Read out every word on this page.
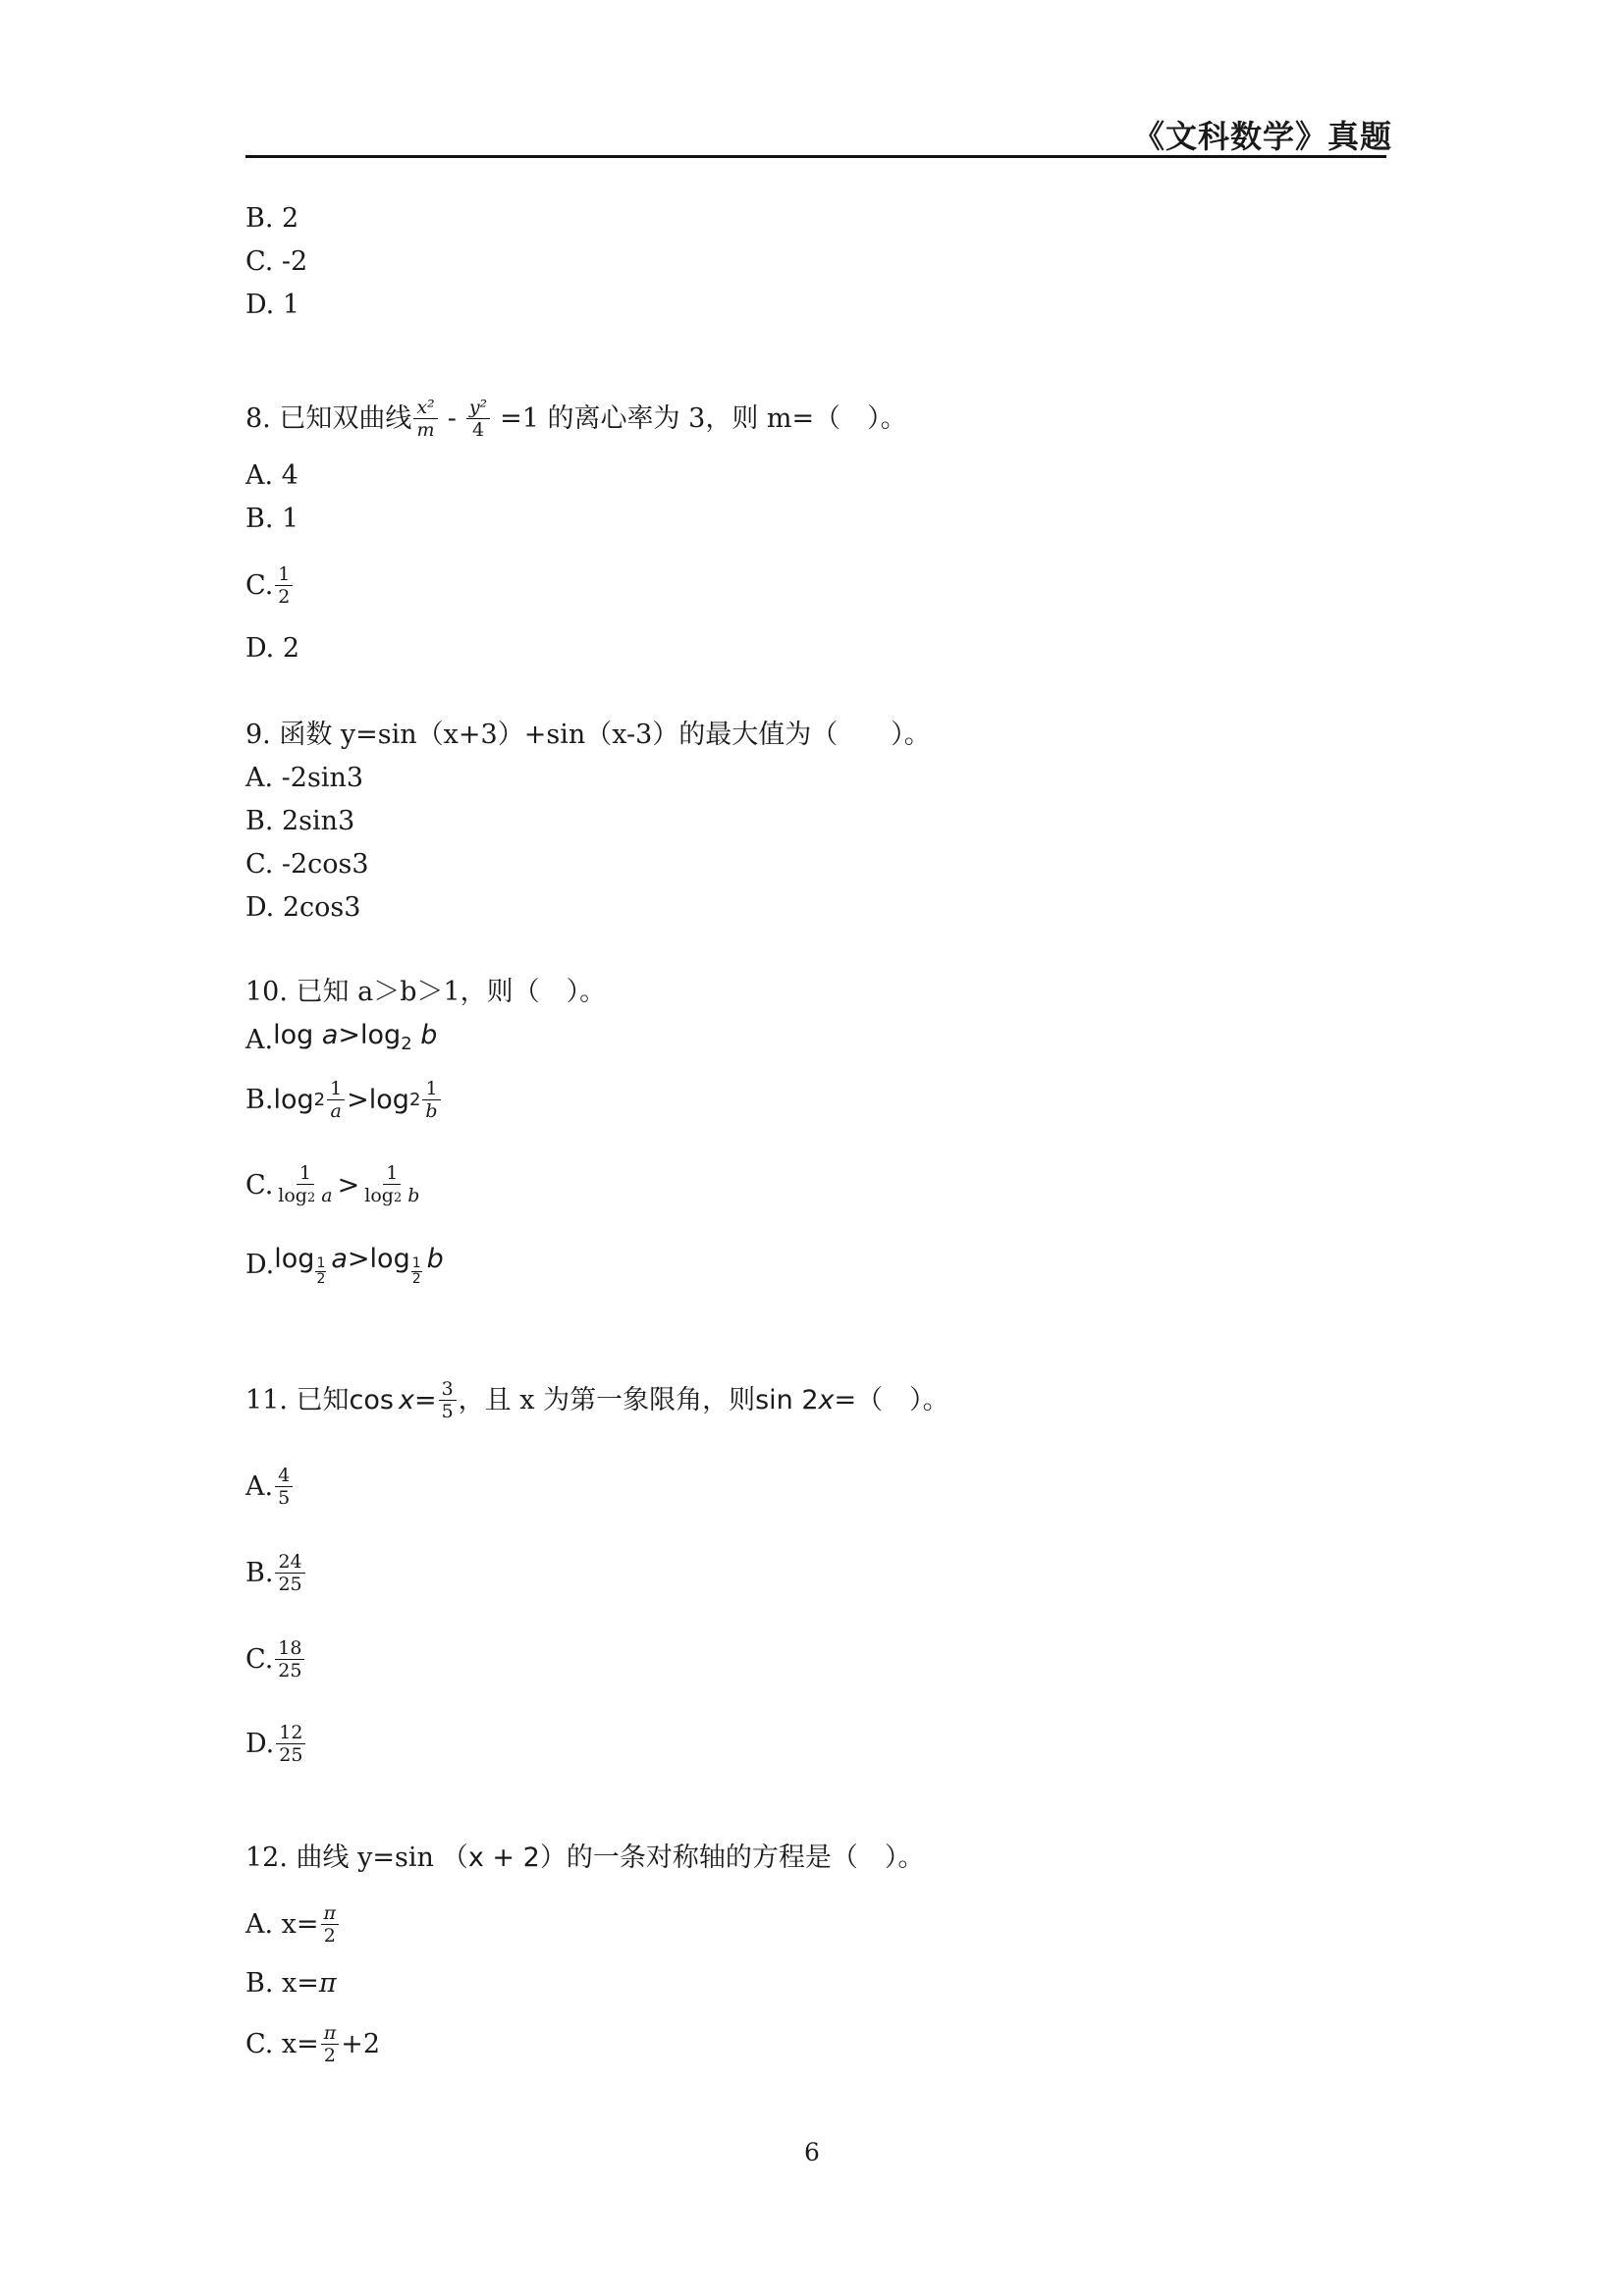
《文科数学》真题
B. 2
C. -2
D. 1
8. 已知双曲线 $\frac{\text{x²}}{m} - \frac{\text{y²}}{4} =1$ 的离心率为 3，则 m=（　）。
A. 4
B. 1
C. $\frac{1}{2}$
D. 2
9. 函数 y=sin（x+3）+sin（x-3）的最大值为（　　）。
A. -2sin3
B. 2sin3
C. -2cos3
D. 2cos3
10. 已知 a＞b＞1，则（　）。
A. $\log a>\log_2$ b
B. $\log 2 \frac{1}{a} > \log 2 \frac{1}{b}$
C. $\frac{1}{\log 2 a} > \frac{1}{\log 2 b}$
D. $\log \frac{1}{2}$ $a > \log \frac{1}{2}$ b
11. 已知 $\cos x = \frac{3}{5}$ ，且 x 为第一象限角，则 sin 2 x =（　）。
A. $\frac{4}{5}$
B. $\frac{24}{25}$
C. $\frac{18}{25}$
D. $\frac{12}{25}$
12. 曲线 y=sin （x + 2） 的一条对称轴的方程是（　）。
A. $x= \frac{\pi}{2}$
B. x= π
C. $x= \frac{\pi}{2} +2$
6
